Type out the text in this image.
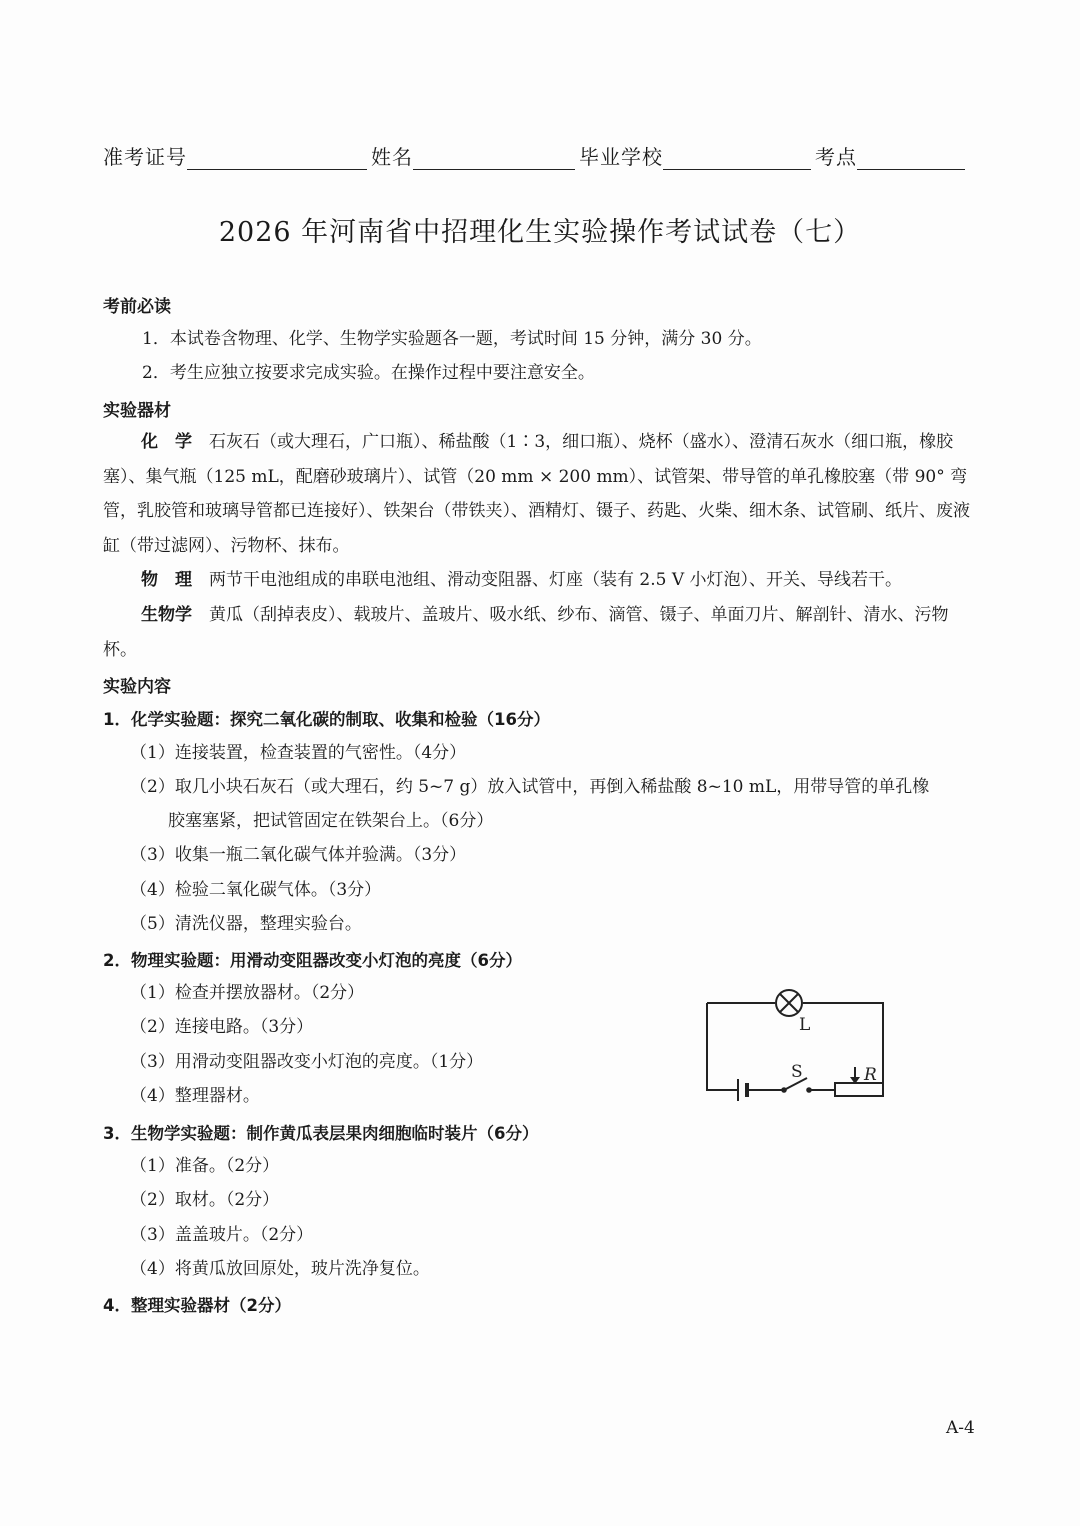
准考证号	姓名	毕业学校	考点
2026 年河南省中招理化生实验操作考试试卷（七）
考前必读
1．本试卷含物理、化学、生物学实验题各一题，考试时间 15 分钟，满分 30 分。
2．考生应独立按要求完成实验。在操作过程中要注意安全。
实验器材
化　学　 石灰石（或大理石，广口瓶）、稀盐酸（1∶3，细口瓶）、烧杯（盛水）、澄清石灰水（细口瓶，橡胶塞）、集气瓶（125 mL，配磨砂玻璃片）、试管（20 mm × 200 mm）、试管架、带导管的单孔橡胶塞（带 90° 弯管，乳胶管和玻璃导管都已连接好）、铁架台（带铁夹）、酒精灯、镊子、药匙、火柴、细木条、试管刷、纸片、废液缸（带过滤网）、污物杯、抹布。
物　理　 两节干电池组成的串联电池组、滑动变阻器、灯座（装有 2.5 V 小灯泡）、开关、导线若干。
生物学　 黄瓜（刮掉表皮）、载玻片、盖玻片、吸水纸、纱布、滴管、镊子、单面刀片、解剖针、清水、污物杯。
实验内容
1．化学实验题：探究二氧化碳的制取、收集和检验（16分）
（1）连接装置，检查装置的气密性。（4分）
（2）取几小块石灰石（或大理石，约 5~7 g）放入试管中，再倒入稀盐酸 8~10 mL，用带导管的单孔橡
胶塞塞紧，把试管固定在铁架台上。（6分）
（3）收集一瓶二氧化碳气体并验满。（3分）
（4）检验二氧化碳气体。（3分）
（5）清洗仪器，整理实验台。
2．物理实验题：用滑动变阻器改变小灯泡的亮度（6分）
（1）检查并摆放器材。（2分）
（2）连接电路。（3分）
（3）用滑动变阻器改变小灯泡的亮度。（1分）
（4）整理器材。
L
S	R
3．生物学实验题：制作黄瓜表层果肉细胞临时装片（6分）
（1）准备。（2分）
（2）取材。（2分）
（3）盖盖玻片。（2分）
（4）将黄瓜放回原处，玻片洗净复位。
4．整理实验器材（2分）
A-4
